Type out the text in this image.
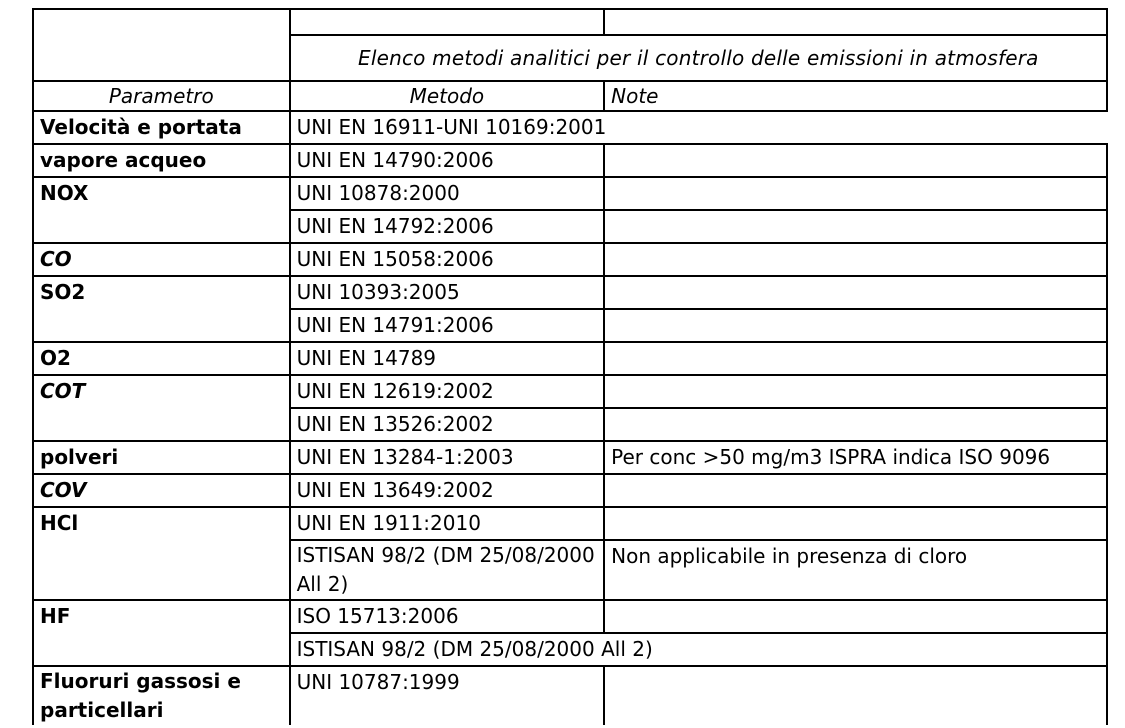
	Elenco metodi analitici per il controllo delle emissioni in atmosfera	
Parametro	Metodo	Note
Velocità e portata	UNI EN 16911-UNI 10169:2001	
vapore acqueo	UNI EN 14790:2006	
NOX	UNI 10878:2000	
	UNI EN 14792:2006	
CO	UNI EN 15058:2006	
SO2	UNI 10393:2005	
	UNI EN 14791:2006	
O2	UNI EN 14789	
COT	UNI EN 12619:2002	
	UNI EN 13526:2002	
polveri	UNI EN 13284-1:2003	Per conc >50 mg/m3 ISPRA indica ISO 9096
COV	UNI EN 13649:2002	
HCl	UNI EN 1911:2010	
	ISTISAN 98/2 (DM 25/08/2000 All 2)	Non applicabile in presenza di cloro
HF	ISO 15713:2006	
	ISTISAN 98/2 (DM 25/08/2000 All 2)	
Fluoruri gassosi e particellari	UNI 10787:1999	
